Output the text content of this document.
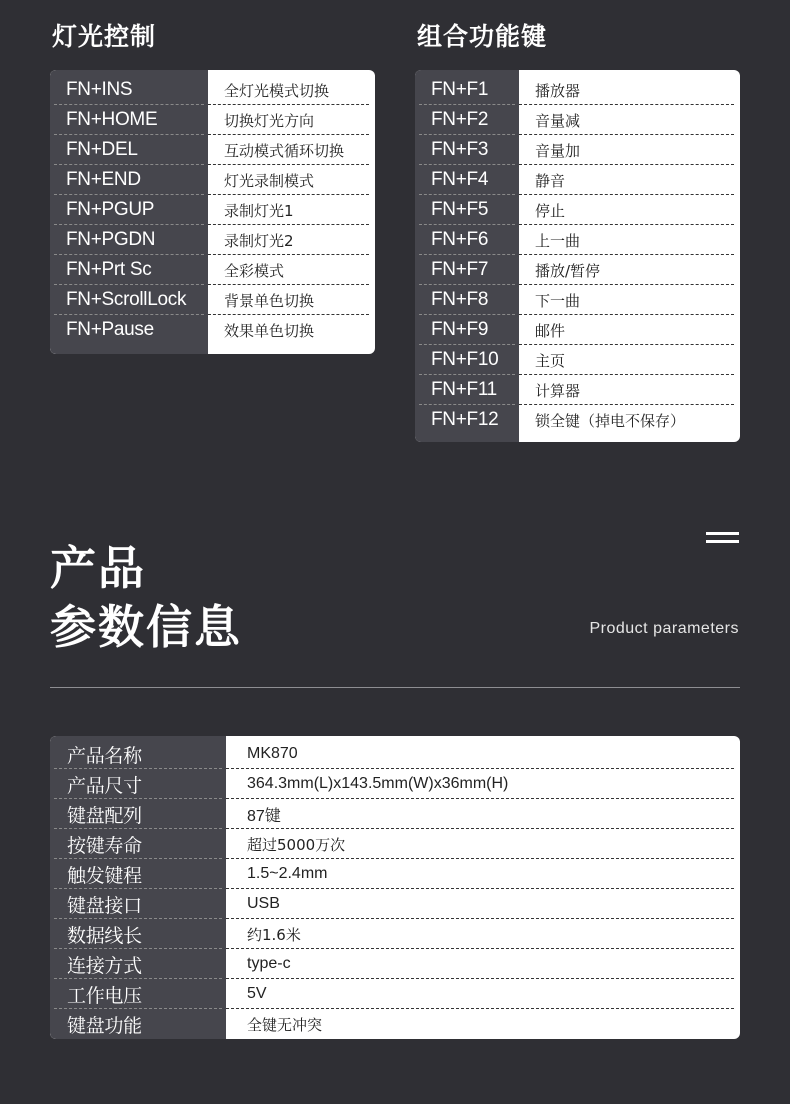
灯光控制	组合功能键
FN+INS	全灯光模式切换
FN+HOME	切换灯光方向
FN+DEL	互动模式循环切换
FN+END	灯光录制模式
FN+PGUP	录制灯光1
FN+PGDN	录制灯光2
FN+Prt Sc	全彩模式
FN+ScrollLock	背景单色切换
FN+Pause	效果单色切换
FN+F1	播放器
FN+F2	音量减
FN+F3	音量加
FN+F4	静音
FN+F5	停止
FN+F6	上一曲
FN+F7	播放/暂停
FN+F8	下一曲
FN+F9	邮件
FN+F10	主页
FN+F11	计算器
FN+F12	锁全键（掉电不保存）
产品
参数信息	Product parameters
产品名称	MK870
产品尺寸	364.3mm(L)x143.5mm(W)x36mm(H)
键盘配列	87键
按键寿命	超过5000万次
触发键程	1.5~2.4mm
键盘接口	USB
数据线长	约1.6米
连接方式	type-c
工作电压	5V
键盘功能	全键无冲突
